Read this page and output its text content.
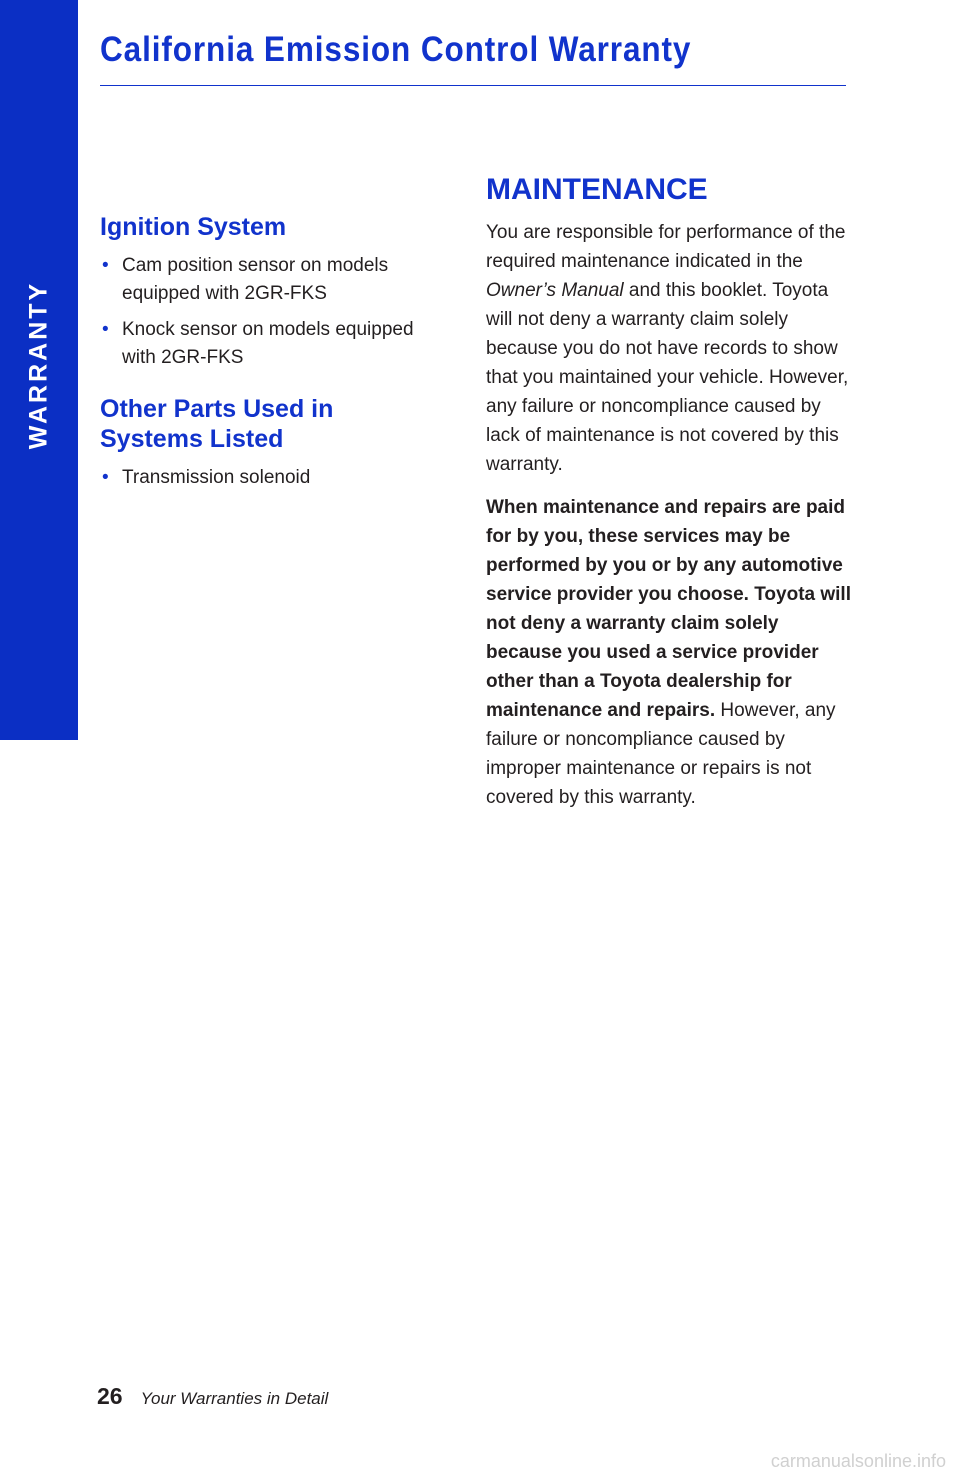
WARRANTY
California Emission Control Warranty
Ignition System
• Cam position sensor on models equipped with 2GR-FKS
• Knock sensor on models equipped with 2GR-FKS
Other Parts Used in Systems Listed
• Transmission solenoid
MAINTENANCE

You are responsible for performance of the required maintenance indicated in the Owner’s Manual and this booklet. Toyota will not deny a warranty claim solely because you do not have records to show that you maintained your vehicle. However, any failure or noncompliance caused by lack of maintenance is not covered by this warranty.

When maintenance and repairs are paid for by you, these services may be performed by you or by any automotive service provider you choose. Toyota will not deny a warranty claim solely because you used a service provider other than a Toyota dealership for maintenance and repairs. However, any failure or noncompliance caused by improper maintenance or repairs is not covered by this warranty.

26 Your Warranties in Detail
carmanualsonline.info
